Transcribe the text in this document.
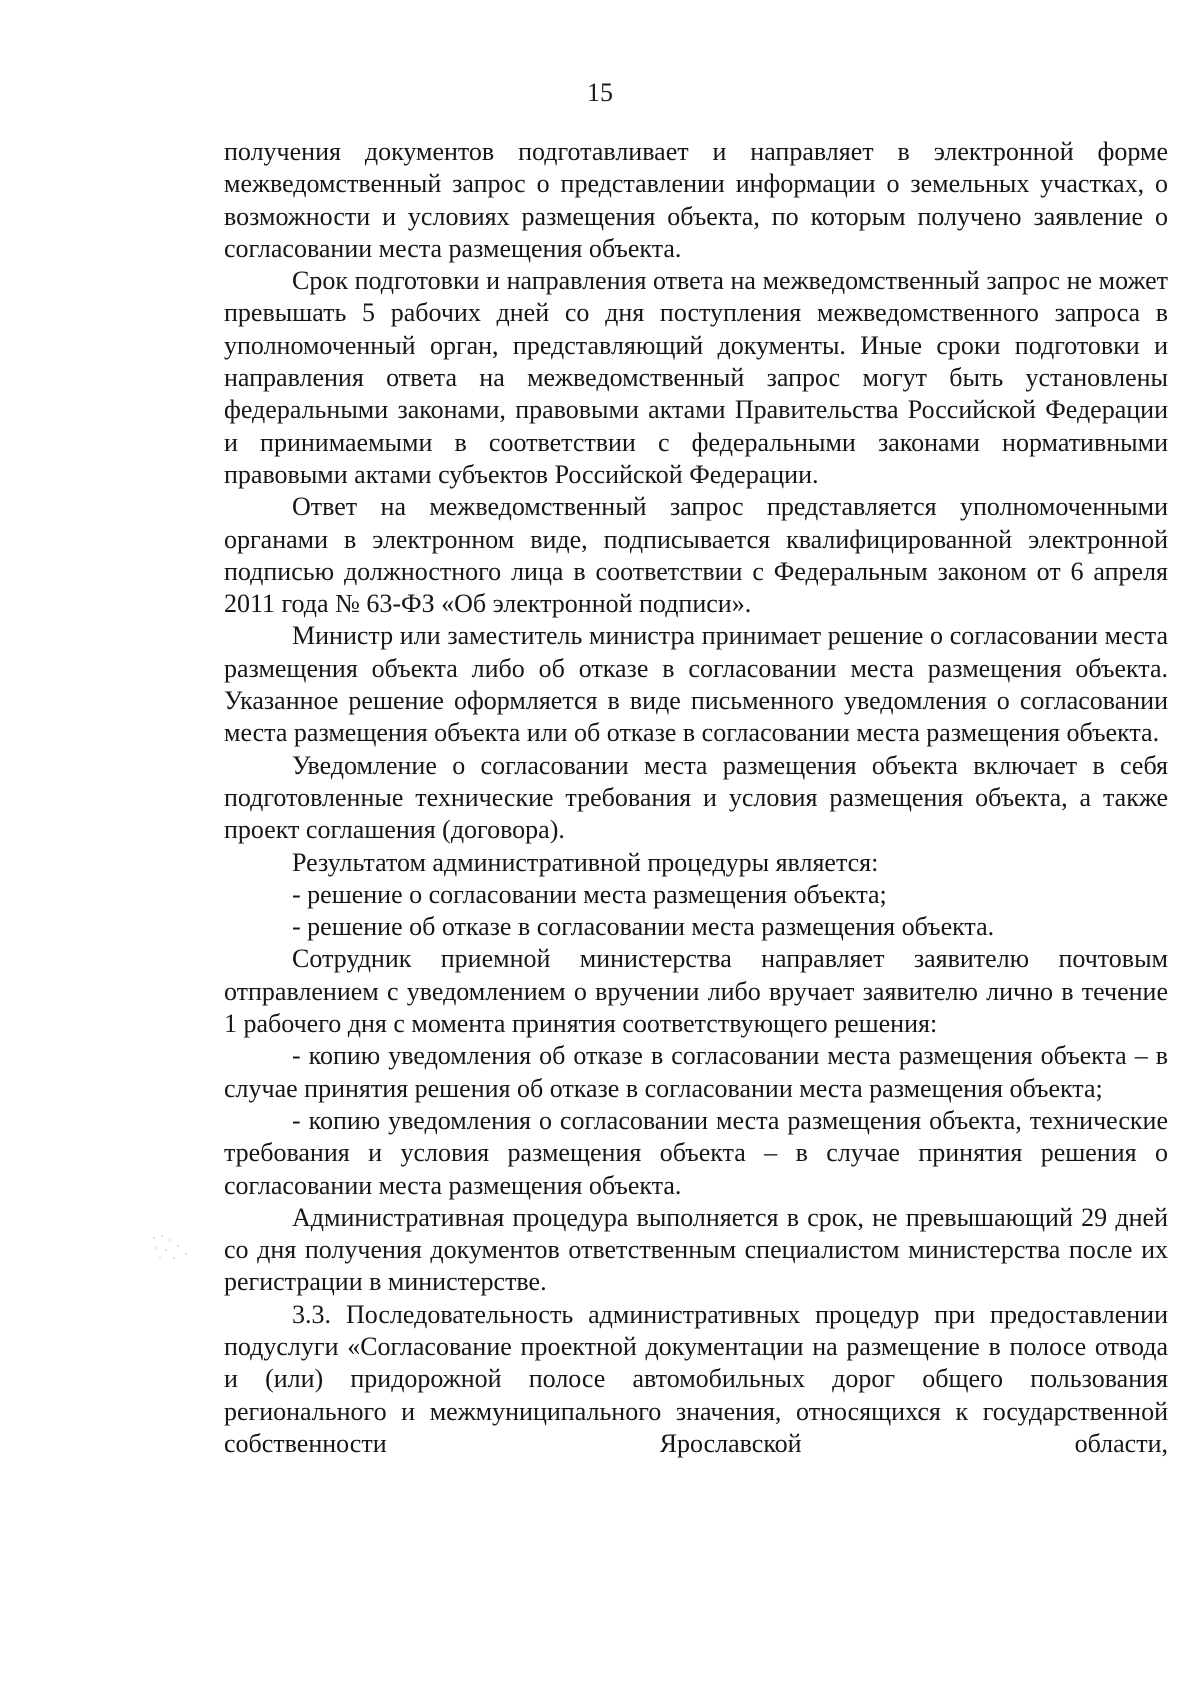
15

получения документов подготавливает и направляет в электронной форме межведомственный запрос о представлении информации о земельных участках, о возможности и условиях размещения объекта, по которым получено заявление о согласовании места размещения объекта.

Срок подготовки и направления ответа на межведомственный запрос не может превышать 5 рабочих дней со дня поступления межведомственного запроса в уполномоченный орган, представляющий документы. Иные сроки подготовки и направления ответа на межведомственный запрос могут быть установлены федеральными законами, правовыми актами Правительства Российской Федерации и принимаемыми в соответствии с федеральными законами нормативными правовыми актами субъектов Российской Федерации.

Ответ на межведомственный запрос представляется уполномоченными органами в электронном виде, подписывается квалифицированной электронной подписью должностного лица в соответствии с Федеральным законом от 6 апреля 2011 года № 63-ФЗ «Об электронной подписи».

Министр или заместитель министра принимает решение о согласовании места размещения объекта либо об отказе в согласовании места размещения объекта. Указанное решение оформляется в виде письменного уведомления о согласовании места размещения объекта или об отказе в согласовании места размещения объекта.

Уведомление о согласовании места размещения объекта включает в себя подготовленные технические требования и условия размещения объекта, а также проект соглашения (договора).

Результатом административной процедуры является:

- решение о согласовании места размещения объекта;

- решение об отказе в согласовании места размещения объекта.

Сотрудник приемной министерства направляет заявителю почтовым отправлением с уведомлением о вручении либо вручает заявителю лично в течение 1 рабочего дня с момента принятия соответствующего решения:

- копию уведомления об отказе в согласовании места размещения объекта – в случае принятия решения об отказе в согласовании места размещения объекта;

- копию уведомления о согласовании места размещения объекта, технические требования и условия размещения объекта – в случае принятия решения о согласовании места размещения объекта.

Административная процедура выполняется в срок, не превышающий 29 дней со дня получения документов ответственным специалистом министерства после их регистрации в министерстве.

3.3. Последовательность административных процедур при предоставлении подуслуги «Согласование проектной документации на размещение в полосе отвода и (или) придорожной полосе автомобильных дорог общего пользования регионального и межмуниципального значения, относящихся к государственной собственности Ярославской области,
